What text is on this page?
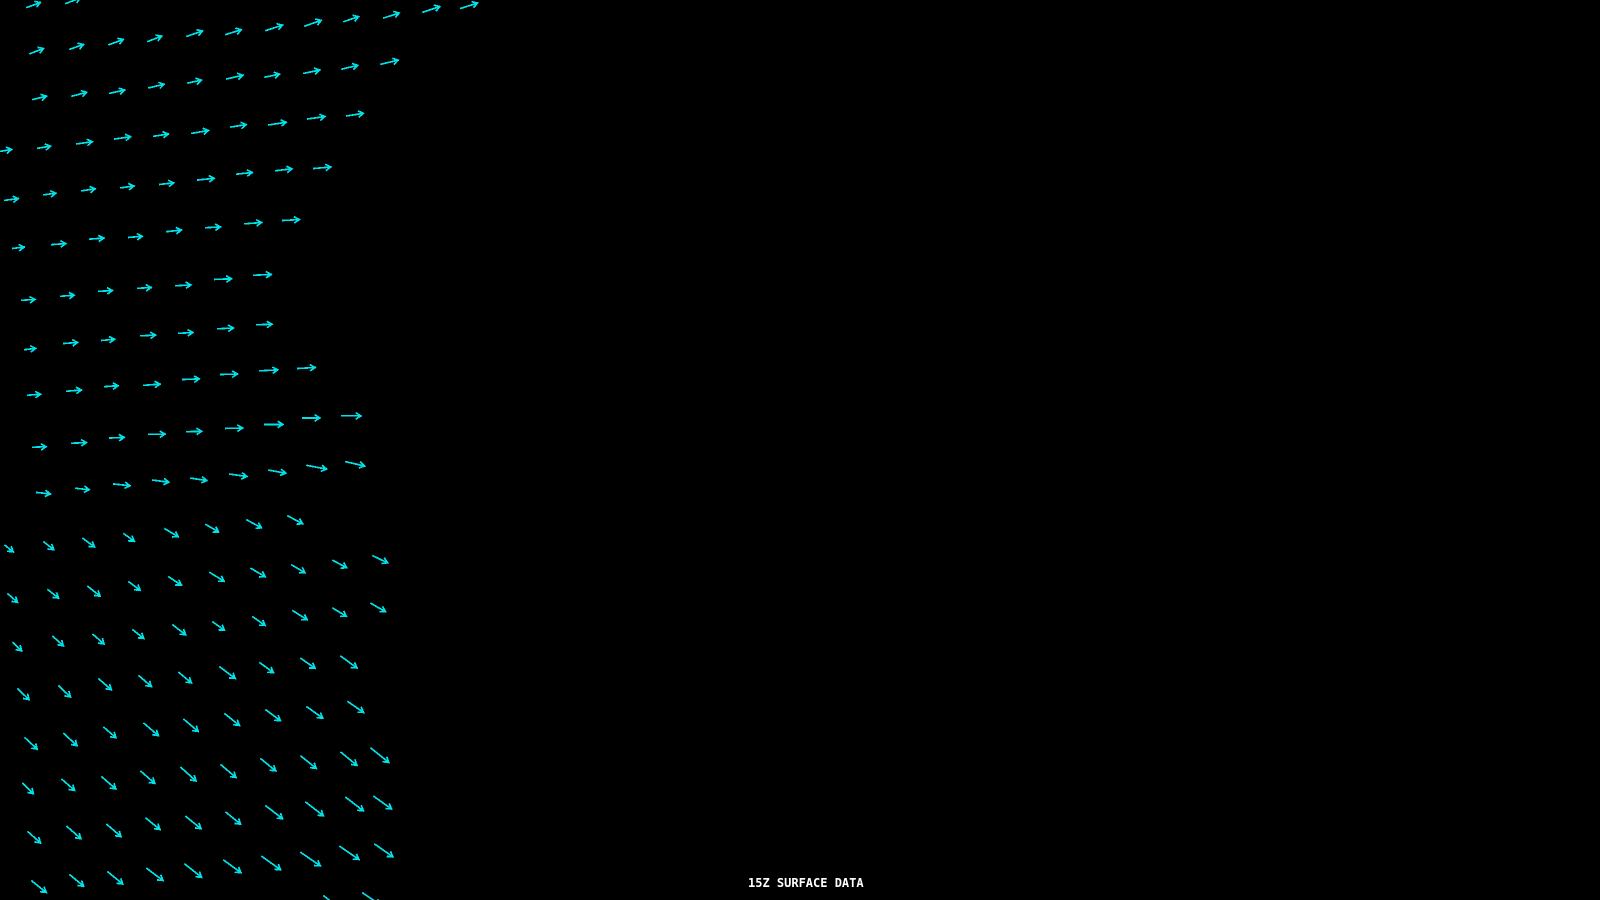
15Z SURFACE DATA
